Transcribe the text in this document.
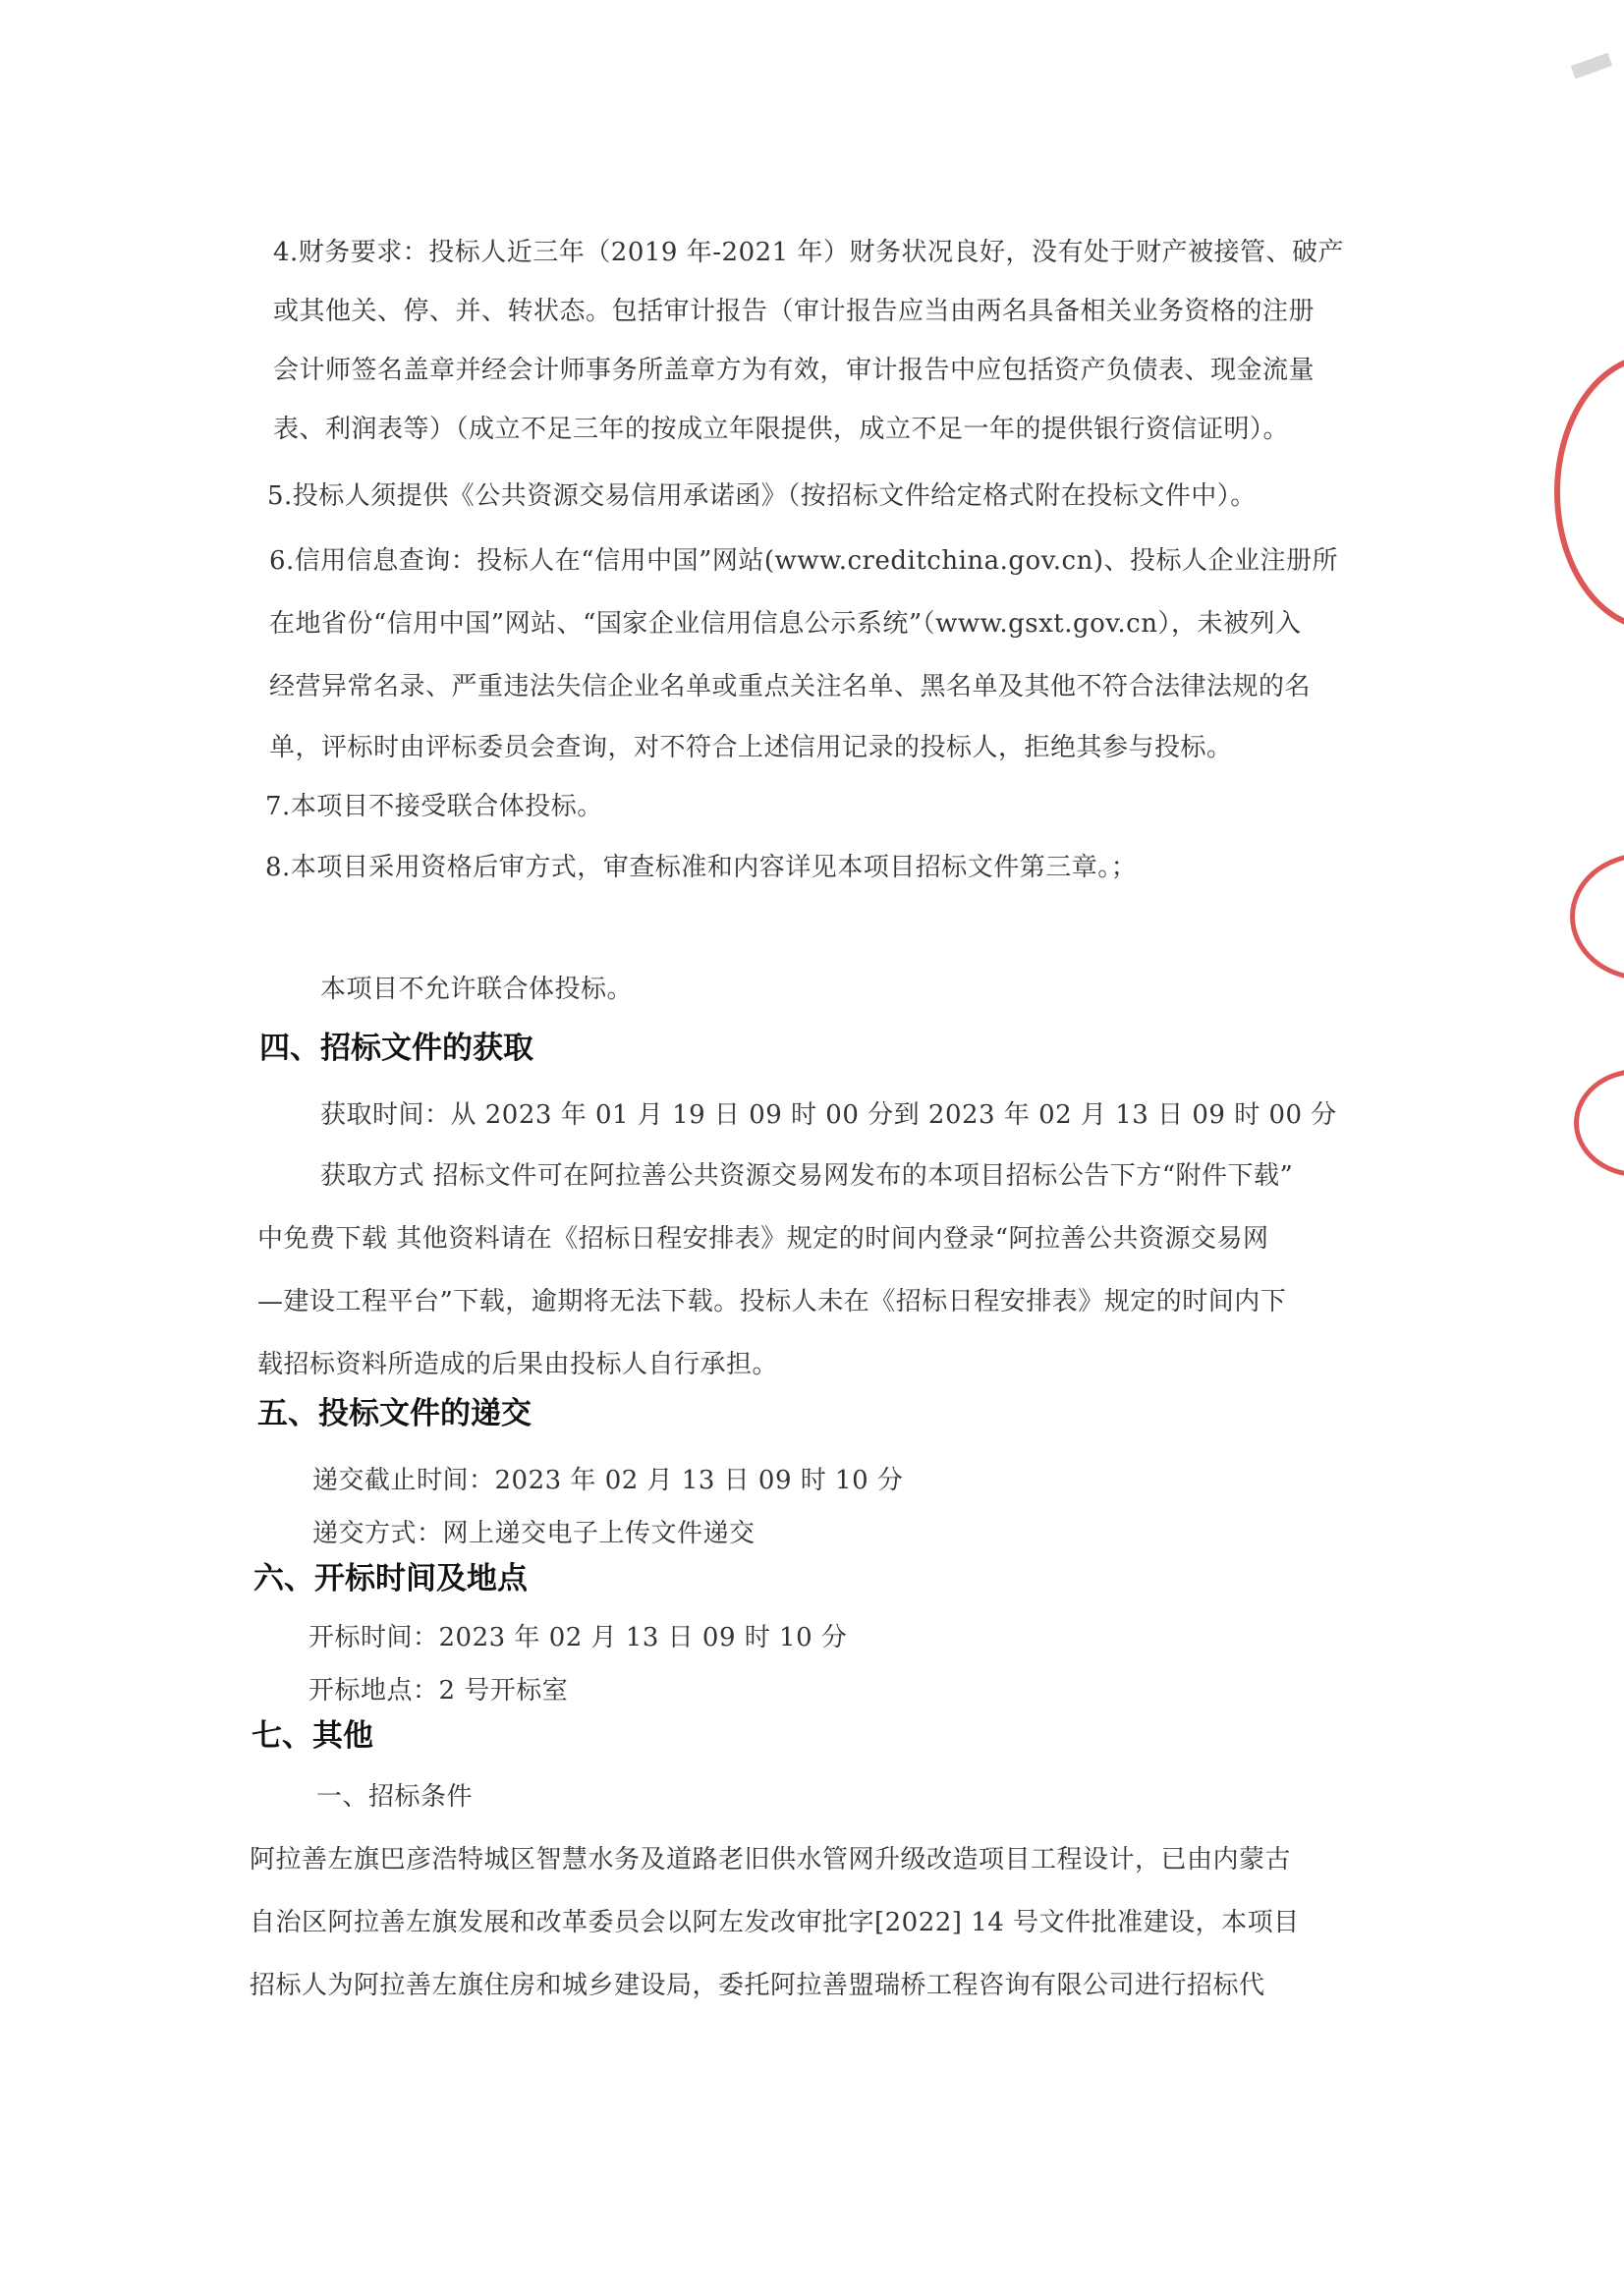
4.财务要求：投标人近三年（2019 年-2021 年）财务状况良好，没有处于财产被接管、破产
或其他关、停、并、转状态。包括审计报告（审计报告应当由两名具备相关业务资格的注册
会计师签名盖章并经会计师事务所盖章方为有效，审计报告中应包括资产负债表、现金流量
表、利润表等）（成立不足三年的按成立年限提供，成立不足一年的提供银行资信证明）。
5.投标人须提供《公共资源交易信用承诺函》（按招标文件给定格式附在投标文件中）。
6.信用信息查询：投标人在“信用中国”网站(www.creditchina.gov.cn)、投标人企业注册所
在地省份“信用中国”网站、“国家企业信用信息公示系统”（www.gsxt.gov.cn），未被列入
经营异常名录、严重违法失信企业名单或重点关注名单、黑名单及其他不符合法律法规的名
单，评标时由评标委员会查询，对不符合上述信用记录的投标人，拒绝其参与投标。
7.本项目不接受联合体投标。
8.本项目采用资格后审方式，审查标准和内容详见本项目招标文件第三章。；
本项目不允许联合体投标。
四、招标文件的获取
获取时间：从 2023 年 01 月 19 日 09 时 00 分到 2023 年 02 月 13 日 09 时 00 分
获取方式 招标文件可在阿拉善公共资源交易网发布的本项目招标公告下方“附件下载”
中免费下载 其他资料请在《招标日程安排表》规定的时间内登录“阿拉善公共资源交易网
—建设工程平台”下载，逾期将无法下载。投标人未在《招标日程安排表》规定的时间内下
载招标资料所造成的后果由投标人自行承担。
五、投标文件的递交
递交截止时间：2023 年 02 月 13 日 09 时 10 分
递交方式：网上递交电子上传文件递交
六、开标时间及地点
开标时间：2023 年 02 月 13 日 09 时 10 分
开标地点：2 号开标室
七、其他
一、招标条件
阿拉善左旗巴彦浩特城区智慧水务及道路老旧供水管网升级改造项目工程设计，已由内蒙古
自治区阿拉善左旗发展和改革委员会以阿左发改审批字[2022] 14 号文件批准建设，本项目
招标人为阿拉善左旗住房和城乡建设局，委托阿拉善盟瑞桥工程咨询有限公司进行招标代
